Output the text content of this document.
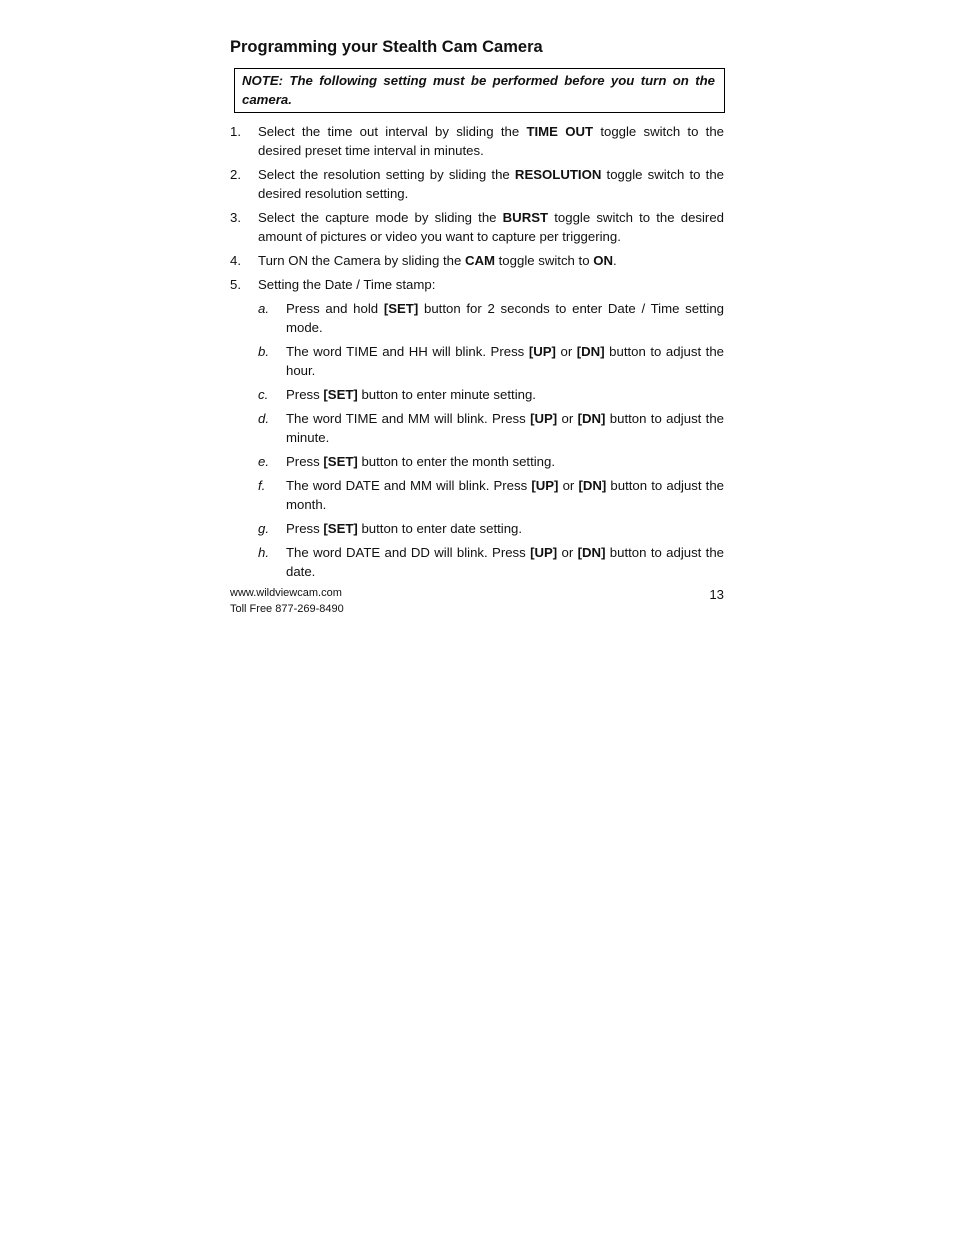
Programming your Stealth Cam Camera
NOTE: The following setting must be performed before you turn on the camera.
1. Select the time out interval by sliding the TIME OUT toggle switch to the desired preset time interval in minutes.
2. Select the resolution setting by sliding the RESOLUTION toggle switch to the desired resolution setting.
3. Select the capture mode by sliding the BURST toggle switch to the desired amount of pictures or video you want to capture per triggering.
4. Turn ON the Camera by sliding the CAM toggle switch to ON.
5. Setting the Date / Time stamp:
a. Press and hold [SET] button for 2 seconds to enter Date / Time setting mode.
b. The word TIME and HH will blink. Press [UP] or [DN] button to adjust the hour.
c. Press [SET] button to enter minute setting.
d. The word TIME and MM will blink. Press [UP] or [DN] button to adjust the minute.
e. Press [SET] button to enter the month setting.
f. The word DATE and MM will blink. Press [UP] or [DN] button to adjust the month.
g. Press [SET] button to enter date setting.
h. The word DATE and DD will blink. Press [UP] or [DN] button to adjust the date.
www.wildviewcam.com
Toll Free 877-269-8490
13
